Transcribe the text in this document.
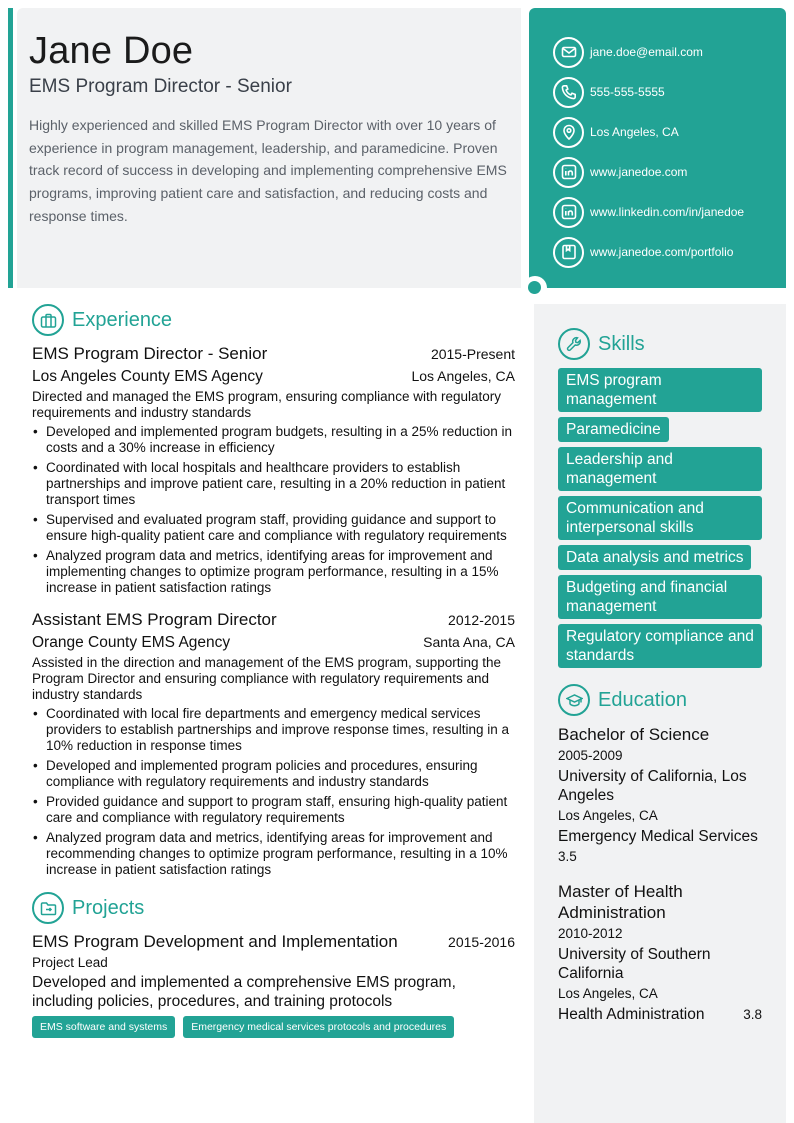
Jane Doe
EMS Program Director - Senior
Highly experienced and skilled EMS Program Director with over 10 years of experience in program management, leadership, and paramedicine. Proven track record of success in developing and implementing comprehensive EMS programs, improving patient care and satisfaction, and reducing costs and response times.
jane.doe@email.com
555-555-5555
Los Angeles, CA
www.janedoe.com
www.linkedin.com/in/janedoe
www.janedoe.com/portfolio
Experience
EMS Program Director - Senior	2015-Present
Los Angeles County EMS Agency	Los Angeles, CA
Directed and managed the EMS program, ensuring compliance with regulatory requirements and industry standards
• Developed and implemented program budgets, resulting in a 25% reduction in costs and a 30% increase in efficiency
• Coordinated with local hospitals and healthcare providers to establish partnerships and improve patient care, resulting in a 20% reduction in patient transport times
• Supervised and evaluated program staff, providing guidance and support to ensure high-quality patient care and compliance with regulatory requirements
• Analyzed program data and metrics, identifying areas for improvement and implementing changes to optimize program performance, resulting in a 15% increase in patient satisfaction ratings
Assistant EMS Program Director	2012-2015
Orange County EMS Agency	Santa Ana, CA
Assisted in the direction and management of the EMS program, supporting the Program Director and ensuring compliance with regulatory requirements and industry standards
• Coordinated with local fire departments and emergency medical services providers to establish partnerships and improve response times, resulting in a 10% reduction in response times
• Developed and implemented program policies and procedures, ensuring compliance with regulatory requirements and industry standards
• Provided guidance and support to program staff, ensuring high-quality patient care and compliance with regulatory requirements
• Analyzed program data and metrics, identifying areas for improvement and recommending changes to optimize program performance, resulting in a 10% increase in patient satisfaction ratings
Projects
EMS Program Development and Implementation	2015-2016
Project Lead
Developed and implemented a comprehensive EMS program, including policies, procedures, and training protocols
EMS software and systems	Emergency medical services protocols and procedures
Skills
EMS program management
Paramedicine
Leadership and management
Communication and interpersonal skills
Data analysis and metrics
Budgeting and financial management
Regulatory compliance and standards
Education
Bachelor of Science
2005-2009
University of California, Los Angeles
Los Angeles, CA
Emergency Medical Services
3.5
Master of Health Administration
2010-2012
University of Southern California
Los Angeles, CA
Health Administration	3.8
